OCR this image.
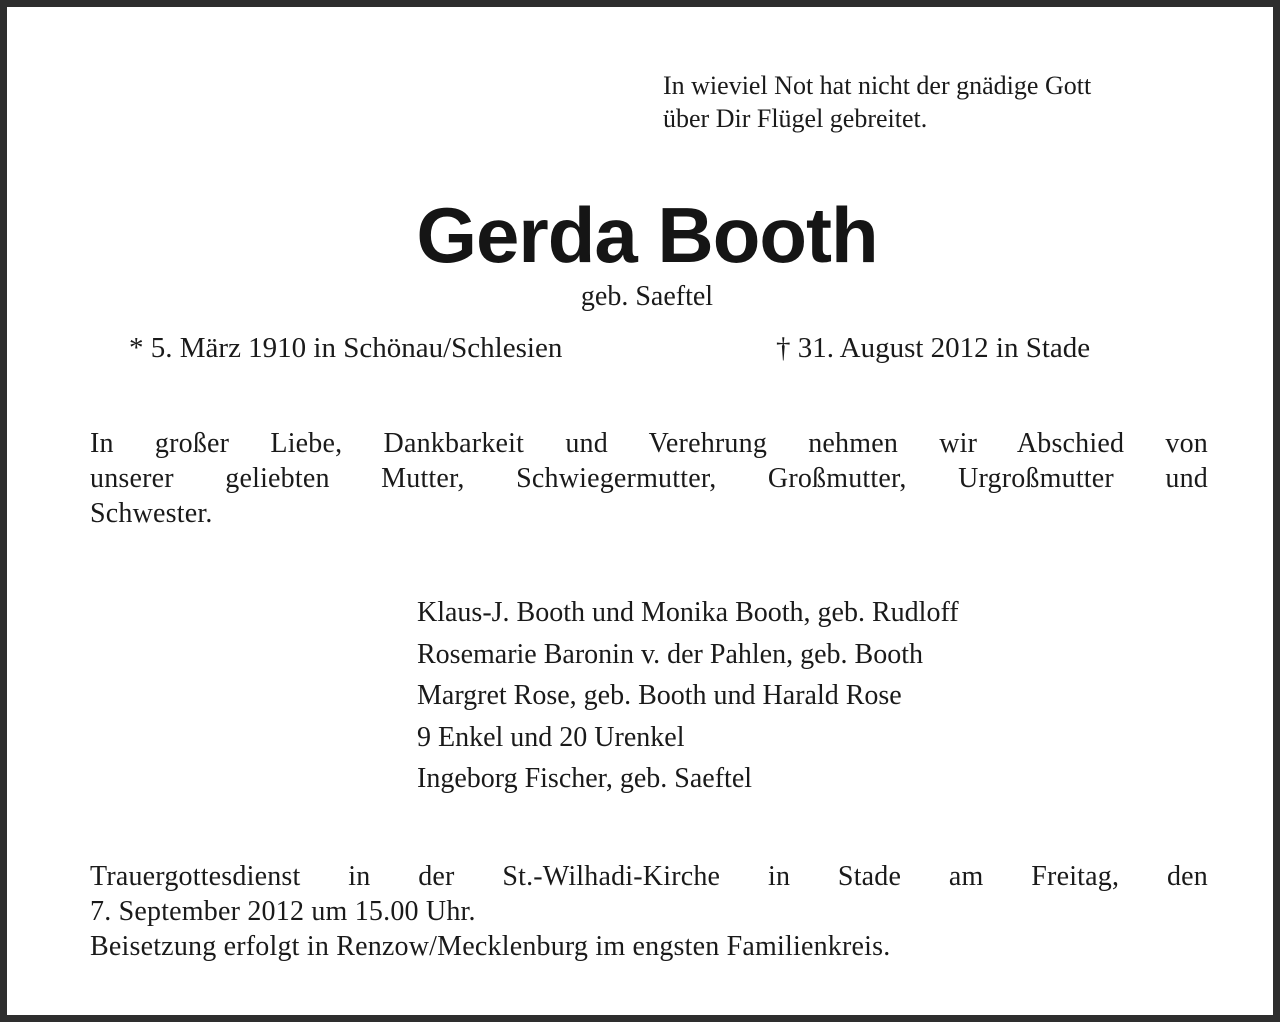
In wieviel Not hat nicht der gnädige Gott
über Dir Flügel gebreitet.
Gerda Booth
geb. Saeftel
* 5. März 1910 in Schönau/Schlesien	† 31. August 2012 in Stade
In großer Liebe, Dankbarkeit und Verehrung nehmen wir Abschied von
unserer geliebten Mutter, Schwiegermutter, Großmutter, Urgroßmutter und
Schwester.
Klaus-J. Booth und Monika Booth, geb. Rudloff
Rosemarie Baronin v. der Pahlen, geb. Booth
Margret Rose, geb. Booth und Harald Rose
9 Enkel und 20 Urenkel
Ingeborg Fischer, geb. Saeftel
Trauergottesdienst in der St.-Wilhadi-Kirche in Stade am Freitag, den
7. September 2012 um 15.00 Uhr.
Beisetzung erfolgt in Renzow/Mecklenburg im engsten Familienkreis.
